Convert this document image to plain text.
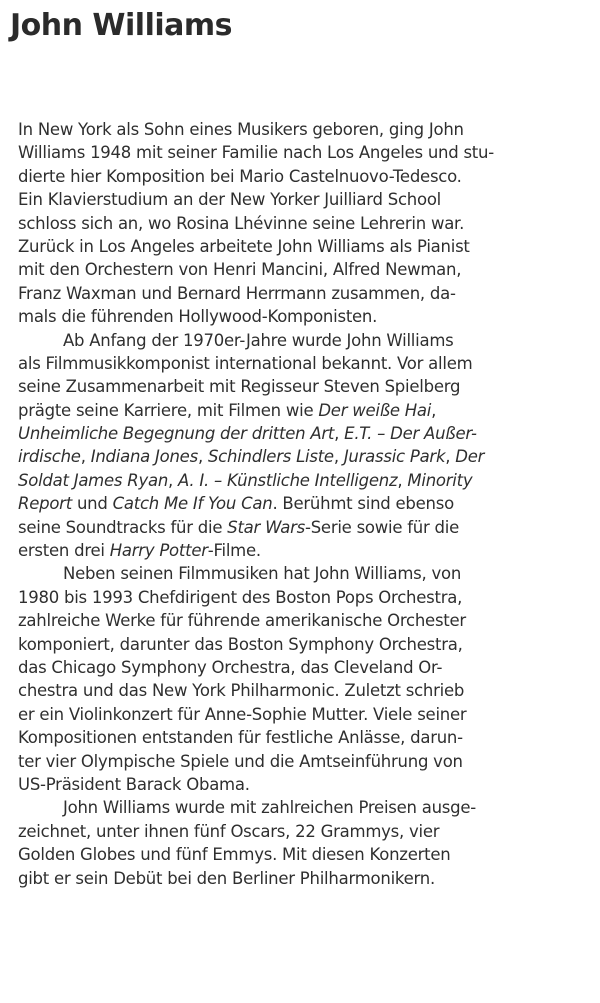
John Williams

In New York als Sohn eines Musikers geboren, ging John
Williams 1948 mit seiner Familie nach Los Angeles und stu-
dierte hier Komposition bei Mario Castelnuovo-Tedesco.
Ein Klavierstudium an der New Yorker Juilliard School
schloss sich an, wo Rosina Lhévinne seine Lehrerin war.
Zurück in Los Angeles arbeitete John Williams als Pianist
mit den Orchestern von Henri Mancini, Alfred Newman,
Franz Waxman und Bernard Herrmann zusammen, da-
mals die führenden Hollywood-Komponisten.

Ab Anfang der 1970er-Jahre wurde John Williams
als Filmmusikkomponist international bekannt. Vor allem
seine Zusammenarbeit mit Regisseur Steven Spielberg
prägte seine Karriere, mit Filmen wie Der weiße Hai,
Unheimliche Begegnung der dritten Art, E.T. – Der Außer-
irdische, Indiana Jones, Schindlers Liste, Jurassic Park, Der
Soldat James Ryan, A. I. – Künstliche Intelligenz, Minority
Report und Catch Me If You Can. Berühmt sind ebenso
seine Soundtracks für die Star Wars-Serie sowie für die
ersten drei Harry Potter-Filme.

Neben seinen Filmmusiken hat John Williams, von
1980 bis 1993 Chefdirigent des Boston Pops Orchestra,
zahlreiche Werke für führende amerikanische Orchester
komponiert, darunter das Boston Symphony Orchestra,
das Chicago Symphony Orchestra, das Cleveland Or-
chestra und das New York Philharmonic. Zuletzt schrieb
er ein Violinkonzert für Anne-Sophie Mutter. Viele seiner
Kompositionen entstanden für festliche Anlässe, darun-
ter vier Olympische Spiele und die Amtseinführung von
US-Präsident Barack Obama.

John Williams wurde mit zahlreichen Preisen ausge-
zeichnet, unter ihnen fünf Oscars, 22 Grammys, vier
Golden Globes und fünf Emmys. Mit diesen Konzerten
gibt er sein Debüt bei den Berliner Philharmonikern.
